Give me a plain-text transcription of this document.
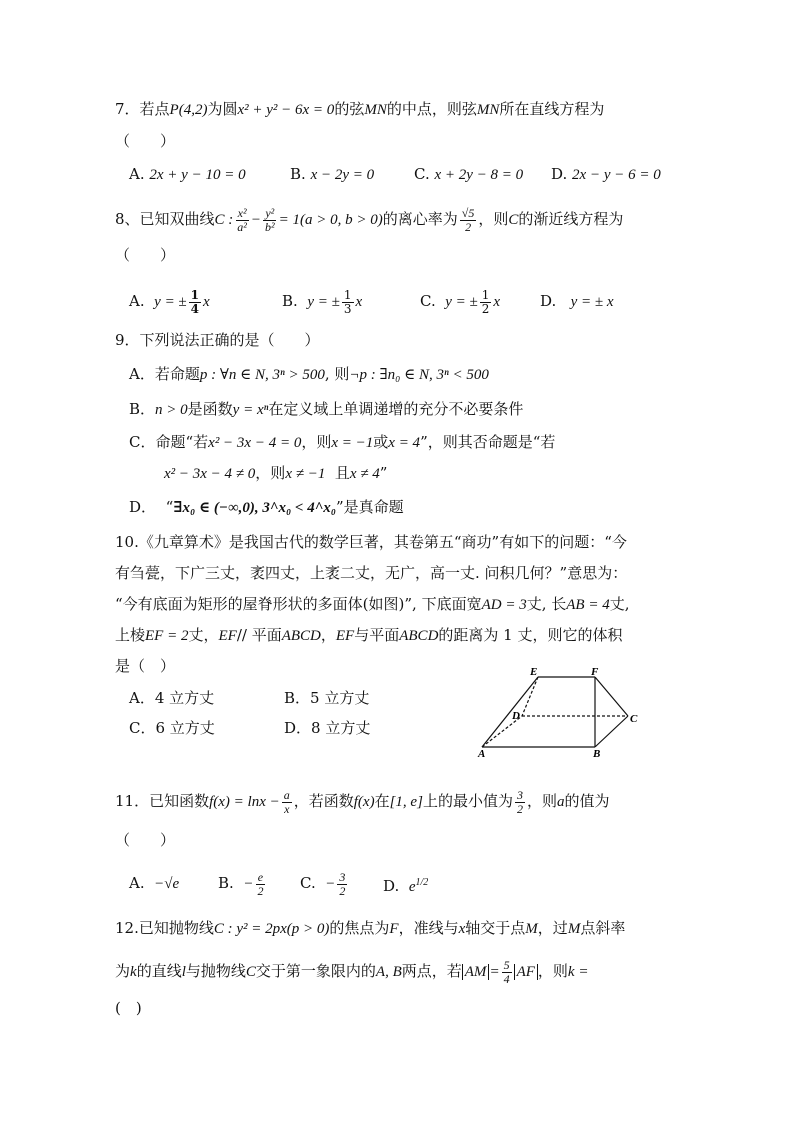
7．若点P(4,2)为圆x² + y² − 6x = 0的弦MN的中点，则弦MN所在直线方程为
（　　）
A. 2x + y − 10 = 0	B. x − 2y = 0	C. x + 2y − 8 = 0 D. 2x − y − 6 = 0
8、已知双曲线C : $\frac{\text{x²}}{\text{a²}} - \frac{\text{y²}}{\text{b²}} = 1(a > 0$, b > 0)的离心率为 $\frac{√5}{2}$ ，则C的渐近线方程为
（　　）
A. y = ± $\frac{1}{4}$ x	B. y = ± $\frac{1}{3}$ x	C. y = ± $\frac{1}{2}$ x	D. y = ± x
9．下列说法正确的是（　　）
A．若命题p : ∀n ∈ N, 3ⁿ > 500, 则¬p : ∃n₀ ∈ N, 3ⁿ < 500
B．n > 0是函数y = xⁿ在定义域上单调递增的充分不必要条件
C．命题“若x² − 3x − 4 = 0，则x = −1或x = 4”，则其否命题是“若
x² − 3x − 4 ≠ 0，则x ≠ −1 且x ≠ 4”
D． “∃x₀ ∈ (−∞,0), 3^x₀ < 4^x₀”是真命题
10.《九章算术》是我国古代的数学巨著，其卷第五“商功”有如下的问题：“今
有刍甍，下广三丈，袤四丈，上袤二丈，无广，高一丈. 问积几何？”意思为：
“今有底面为矩形的屋脊形状的多面体(如图)”, 下底面宽AD = 3丈, 长AB = 4丈,
上棱EF = 2丈，EF// 平面ABCD，EF与平面ABCD的距离为 1 丈，则它的体积
是（　）
A．4 立方丈	B．5 立方丈
C．6 立方丈	D．8 立方丈
E	F
D	C
A	B
11．已知函数$f(x) = \ln x - \frac{a}{x}$ ，若函数f(x)在[1, e]上的最小值为 $\frac{3}{2}$ ，则a的值为
（　　）
A. −√e	B. − $\frac{e}{2} C$. − $\frac{3}{2} D$. $e^{1/2}$
12.已知抛物线C : y² = 2px(p > 0)的焦点为F，准线与x轴交于点M，过M点斜率
为k的直线l与抛物线C交于第一象限内的A, B两点，若 AM = $\frac{5}{4}$ AF ，则k =
(　)
